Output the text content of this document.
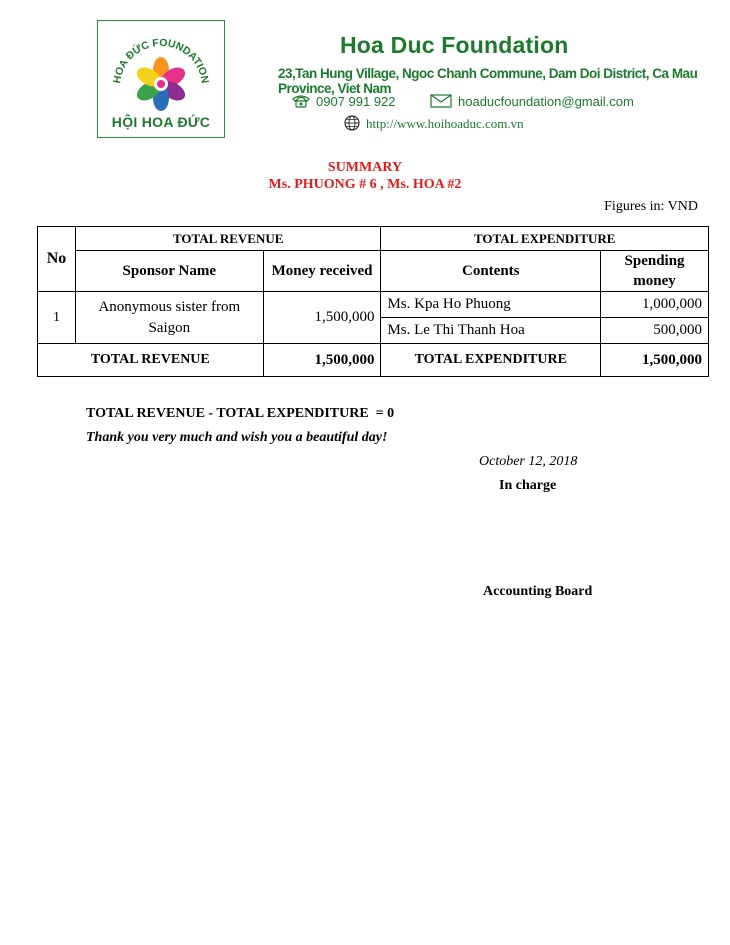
HOA ĐỨC FOUNDATION
HỘI HOA ĐỨC
Hoa Duc Foundation
23,Tan Hung Village, Ngoc Chanh Commune, Dam Doi District, Ca Mau Province, Viet Nam
0907 991 922	hoaducfoundation@gmail.com
http://www.hoihoaduc.com.vn
SUMMARY
Ms. PHUONG # 6 , Ms. HOA #2
Figures in: VND
No	TOTAL REVENUE		TOTAL EXPENDITURE	
	Sponsor Name	Money received	Contents	Spending money
1	Anonymous sister from Saigon	1,500,000	Ms. Kpa Ho Phuong	1,000,000
			Ms. Le Thi Thanh Hoa	500,000
TOTAL REVENUE		1,500,000	TOTAL EXPENDITURE	1,500,000
TOTAL REVENUE - TOTAL EXPENDITURE  = 0
Thank you very much and wish you a beautiful day!
October 12, 2018
In charge
Accounting Board
